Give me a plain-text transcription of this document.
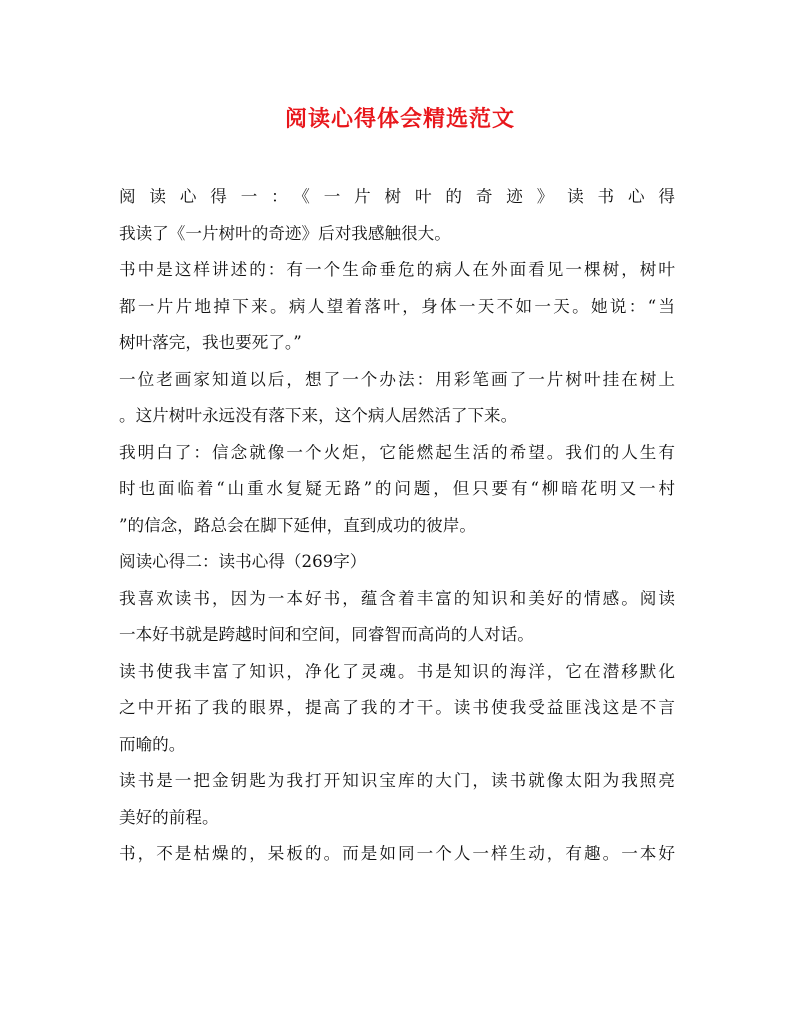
阅读心得体会精选范文
阅读心得一：《一片树叶的奇迹》读书心得
我读了《一片树叶的奇迹》后对我感触很大。
书中是这样讲述的：有一个生命垂危的病人在外面看见一棵树，树叶
都一片片地掉下来。病人望着落叶，身体一天不如一天。她说：“当
树叶落完，我也要死了。”
一位老画家知道以后，想了一个办法：用彩笔画了一片树叶挂在树上
。这片树叶永远没有落下来，这个病人居然活了下来。
我明白了：信念就像一个火炬，它能燃起生活的希望。我们的人生有
时也面临着“山重水复疑无路”的问题，但只要有“柳暗花明又一村
”的信念，路总会在脚下延伸，直到成功的彼岸。
阅读心得二：读书心得（269字）
我喜欢读书，因为一本好书，蕴含着丰富的知识和美好的情感。阅读
一本好书就是跨越时间和空间，同睿智而高尚的人对话。
读书使我丰富了知识，净化了灵魂。书是知识的海洋，它在潜移默化
之中开拓了我的眼界，提高了我的才干。读书使我受益匪浅这是不言
而喻的。
读书是一把金钥匙为我打开知识宝库的大门，读书就像太阳为我照亮
美好的前程。
书，不是枯燥的，呆板的。而是如同一个人一样生动，有趣。一本好
